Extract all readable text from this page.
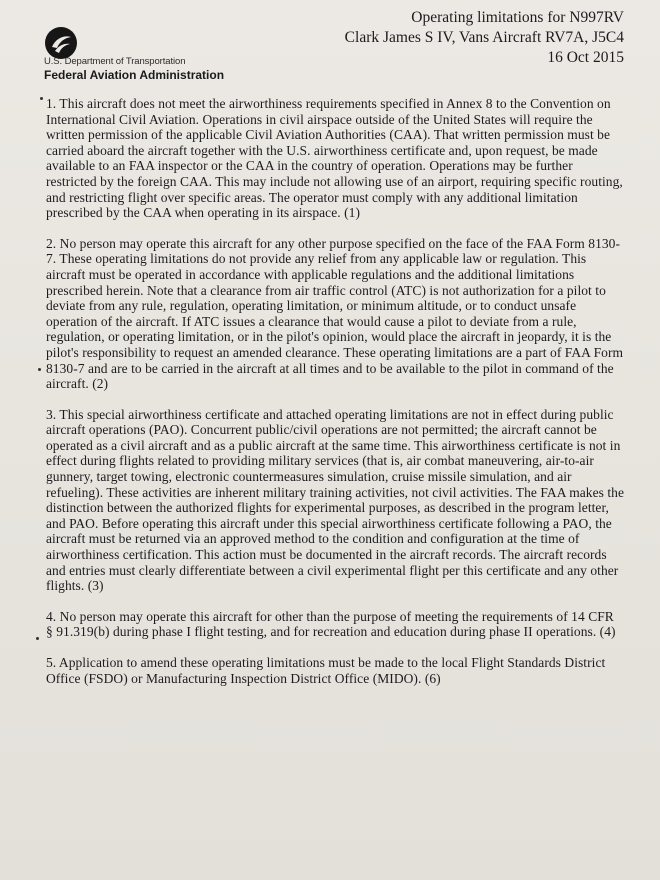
U.S. Department of Transportation
Federal Aviation Administration
Operating limitations for N997RV
Clark James S IV, Vans Aircraft RV7A, J5C4
16 Oct 2015

1. This aircraft does not meet the airworthiness requirements specified in Annex 8 to the Convention on International Civil Aviation. Operations in civil airspace outside of the United States will require the written permission of the applicable Civil Aviation Authorities (CAA). That written permission must be carried aboard the aircraft together with the U.S. airworthiness certificate and, upon request, be made available to an FAA inspector or the CAA in the country of operation. Operations may be further restricted by the foreign CAA. This may include not allowing use of an airport, requiring specific routing, and restricting flight over specific areas. The operator must comply with any additional limitation prescribed by the CAA when operating in its airspace. (1)

2. No person may operate this aircraft for any other purpose specified on the face of the FAA Form 8130-7. These operating limitations do not provide any relief from any applicable law or regulation. This aircraft must be operated in accordance with applicable regulations and the additional limitations prescribed herein. Note that a clearance from air traffic control (ATC) is not authorization for a pilot to deviate from any rule, regulation, operating limitation, or minimum altitude, or to conduct unsafe operation of the aircraft. If ATC issues a clearance that would cause a pilot to deviate from a rule, regulation, or operating limitation, or in the pilot's opinion, would place the aircraft in jeopardy, it is the pilot's responsibility to request an amended clearance. These operating limitations are a part of FAA Form 8130-7 and are to be carried in the aircraft at all times and to be available to the pilot in command of the aircraft. (2)

3. This special airworthiness certificate and attached operating limitations are not in effect during public aircraft operations (PAO). Concurrent public/civil operations are not permitted; the aircraft cannot be operated as a civil aircraft and as a public aircraft at the same time. This airworthiness certificate is not in effect during flights related to providing military services (that is, air combat maneuvering, air-to-air gunnery, target towing, electronic countermeasures simulation, cruise missile simulation, and air refueling). These activities are inherent military training activities, not civil activities. The FAA makes the distinction between the authorized flights for experimental purposes, as described in the program letter, and PAO. Before operating this aircraft under this special airworthiness certificate following a PAO, the aircraft must be returned via an approved method to the condition and configuration at the time of airworthiness certification. This action must be documented in the aircraft records. The aircraft records and entries must clearly differentiate between a civil experimental flight per this certificate and any other flights. (3)

4. No person may operate this aircraft for other than the purpose of meeting the requirements of 14 CFR § 91.319(b) during phase I flight testing, and for recreation and education during phase II operations. (4)

5. Application to amend these operating limitations must be made to the local Flight Standards District Office (FSDO) or Manufacturing Inspection District Office (MIDO). (6)
